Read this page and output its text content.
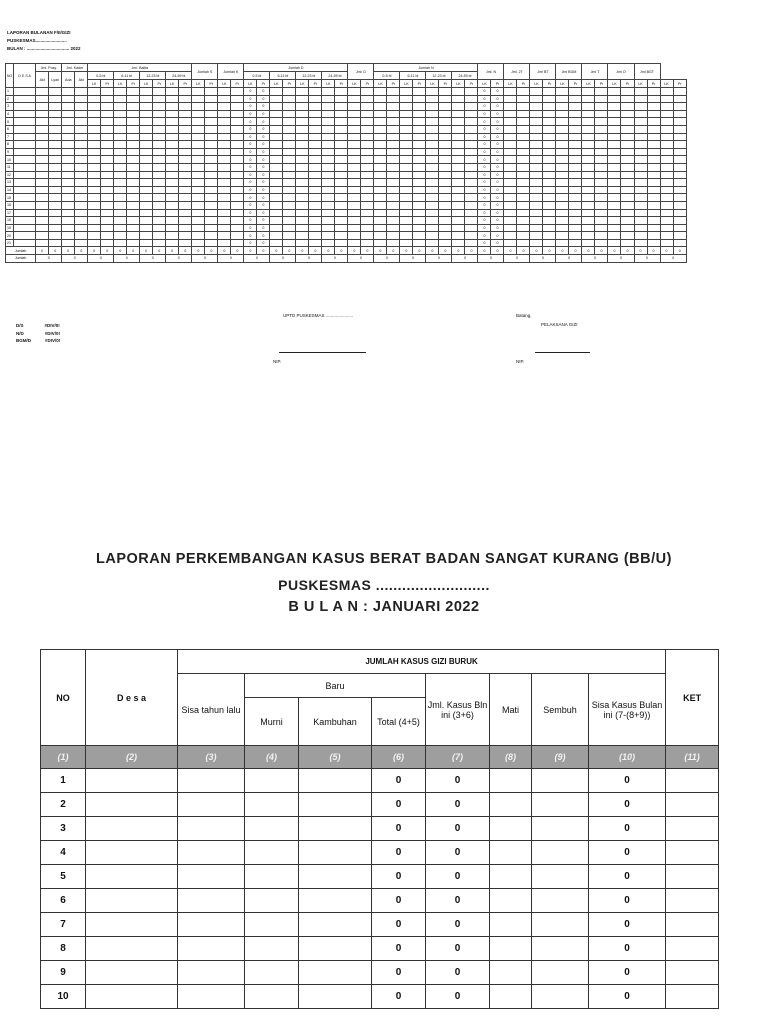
LAPORAN BULANAN F/II/GIZI
PUSKESMAS.........................
BULAN : .................................. 2022
NO	D E S A	Jml. Posy.		Jml. Kader		Jml. Balita								Jumlah S		Jumlah K		Jumlah D								Jml. D		Jumlah N								Jml. N		Jml. 2T		Jml BT		Jml BGM		Jml T		Jml O		Jml BGT			
		Akt	Lyan	Ada	Akt	0-5 bl		6-11 bl		12-23 bl		24-59 bl						0-5 bl		6-11 bl		12-23 bl		24-59 bl				0-5 bl		6-11 bl		12-23 bl		24-59 bl																	
						LK	Pr	LK	Pr	LK	Pr	LK	Pr	LK	Pr	LK	Pr	LK	Pr	LK	Pr	LK	Pr	LK	Pr	LK	Pr	LK	Pr	LK	Pr	LK	Pr	LK	Pr	LK	Pr	LK	Pr	LK	Pr	LK	Pr	LK	Pr	LK	Pr	LK	Pr	LK	Pr
1																		0	0																	0	0														
2																		0	0																	0	0														
3																		0	0																	0	0														
4																		0	0																	0	0														
5																		0	0																	0	0														
6																		0	0																	0	0														
7																		0	0																	0	0														
8																		0	0																	0	0														
9																		0	0																	0	0														
10																		0	0																	0	0														
11																		0	0																	0	0														
12																		0	0																	0	0														
13																		0	0																	0	0														
14																		0	0																	0	0														
15																		0	0																	0	0														
16																		0	0																	0	0														
17																		0	0																	0	0														
18																		0	0																	0	0														
19																		0	0																	0	0														
20																		0	0																	0	0														
21																		0	0																	0	0														
Jumlah		0	0	0	0	0	0	0	0	0	0	0	0	0	0	0	0	0	0	0	0	0	0	0	0	0	0	0	0	0	0	0	0	0	0	0	0	0	0	0	0	0	0	0	0	0	0	0	0	0	0
Jumlah		0		0		0		0		0		0		0		0		0		0		0		0		0		0		0		0		0		0		0		0		0		0		0		0		0	
D/S	#DIV/0!
N/D	#DIV/0!
BGM/D	#DIV/0!
UPTD PUSKESMAS ......................	Batang,
PELAKSANA GIZI
NIP.	NIP.
LAPORAN PERKEMBANGAN KASUS BERAT BADAN SANGAT KURANG (BB/U)
PUSKESMAS ..........................
B U L A N : JANUARI 2022
NO	D e s a	JUMLAH KASUS GIZI BURUK								KET
		Sisa tahun lalu	Baru			Jml. Kasus Bln ini (3+6)	Mati	Sembuh	Sisa Kasus Bulan ini (7-(8+9))	
			Murni	Kambuhan	Total (4+5)					
(1)	(2)	(3)	(4)	(5)	(6)	(7)	(8)	(9)	(10)	(11)
1					0	0			0	
2					0	0			0	
3					0	0			0	
4					0	0			0	
5					0	0			0	
6					0	0			0	
7					0	0			0	
8					0	0			0	
9					0	0			0	
10					0	0			0	
